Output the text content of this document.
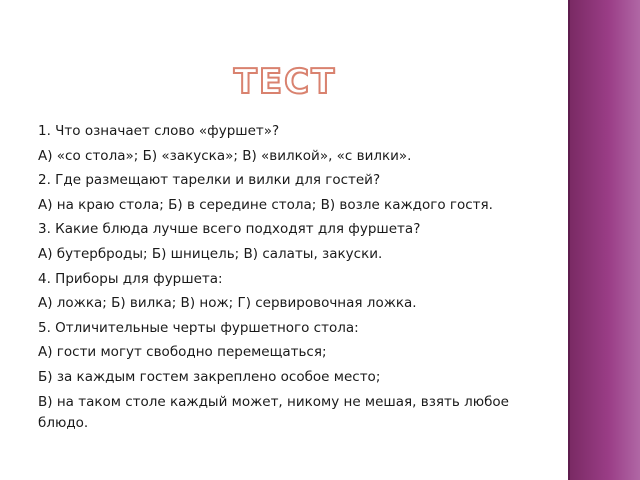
ТЕСТ
1. Что означает слово «фуршет»?
А) «со стола»; Б) «закуска»; В) «вилкой», «с вилки».
2. Где размещают тарелки и вилки для гостей?
А) на краю стола; Б) в середине стола; В) возле каждого гостя.
3. Какие блюда лучше всего подходят для фуршета?
А) бутерброды; Б) шницель; В) салаты, закуски.
4. Приборы для фуршета:
А) ложка; Б) вилка; В) нож; Г) сервировочная ложка.
5. Отличительные черты фуршетного стола:
А) гости могут свободно перемещаться;
Б) за каждым гостем закреплено особое место;
В) на таком столе каждый может, никому не мешая, взять любое блюдо.
